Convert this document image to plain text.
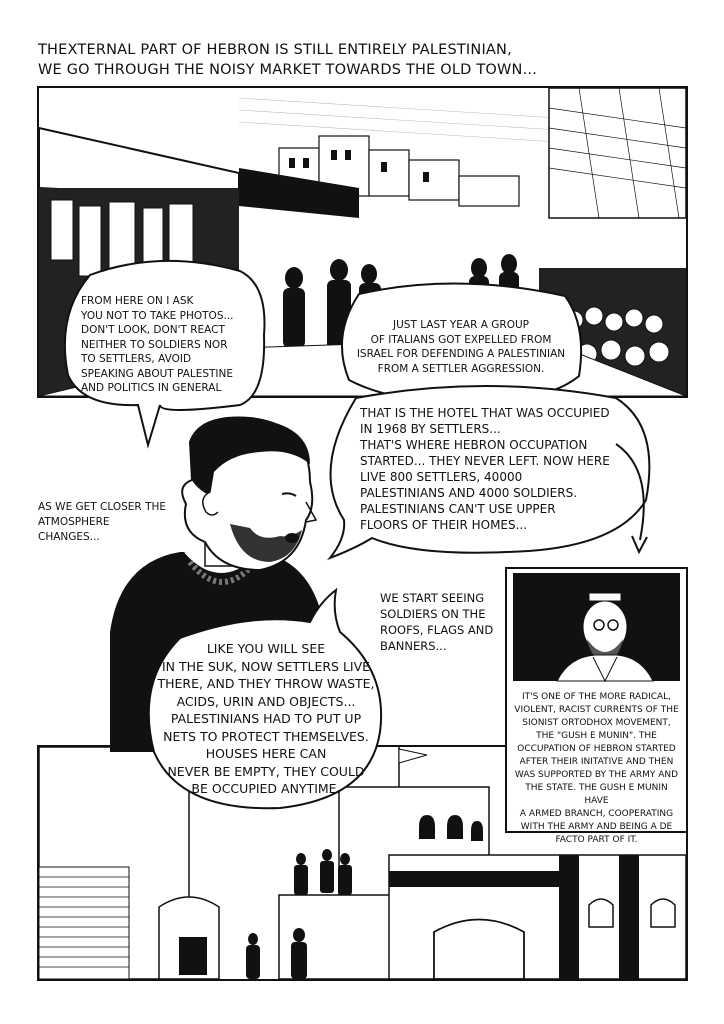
THEXTERNAL PART OF HEBRON IS STILL ENTIRELY PALESTINIAN,
WE GO THROUGH THE NOISY MARKET TOWARDS THE OLD TOWN...
FROM HERE ON I ASK
YOU NOT TO TAKE PHOTOS...
DON'T LOOK, DON'T REACT
NEITHER TO SOLDIERS NOR
TO SETTLERS, AVOID
SPEAKING ABOUT PALESTINE
AND POLITICS IN GENERAL
JUST LAST YEAR A GROUP
OF ITALIANS GOT EXPELLED FROM
ISRAEL FOR DEFENDING A PALESTINIAN
FROM A SETTLER AGGRESSION.
THAT IS THE HOTEL THAT WAS OCCUPIED
IN 1968 BY SETTLERS...
THAT'S WHERE HEBRON OCCUPATION
STARTED... THEY NEVER LEFT. NOW HERE
LIVE 800 SETTLERS, 40000
PALESTINIANS AND 4000 SOLDIERS.
PALESTINIANS CAN'T USE UPPER
FLOORS OF THEIR HOMES...
AS WE GET CLOSER THE
ATMOSPHERE
CHANGES...
WE START SEEING
SOLDIERS ON THE
ROOFS, FLAGS AND
BANNERS...
LIKE YOU WILL SEE
IN THE SUK, NOW SETTLERS LIVE
THERE, AND THEY THROW WASTE,
ACIDS, URIN AND OBJECTS...
PALESTINIANS HAD TO PUT UP
NETS TO PROTECT THEMSELVES.
HOUSES HERE CAN
NEVER BE EMPTY, THEY COULD
BE OCCUPIED ANYTIME.
IT'S ONE OF THE MORE RADICAL,
VIOLENT, RACIST CURRENTS OF THE
SIONIST ORTODHOX MOVEMENT,
THE "GUSH E MUNIN". THE
OCCUPATION OF HEBRON STARTED
AFTER THEIR INITATIVE AND THEN
WAS SUPPORTED BY THE ARMY AND
THE STATE. THE GUSH E MUNIN HAVE
A ARMED BRANCH, COOPERATING
WITH THE ARMY AND BEING A DE
FACTO PART OF IT.
